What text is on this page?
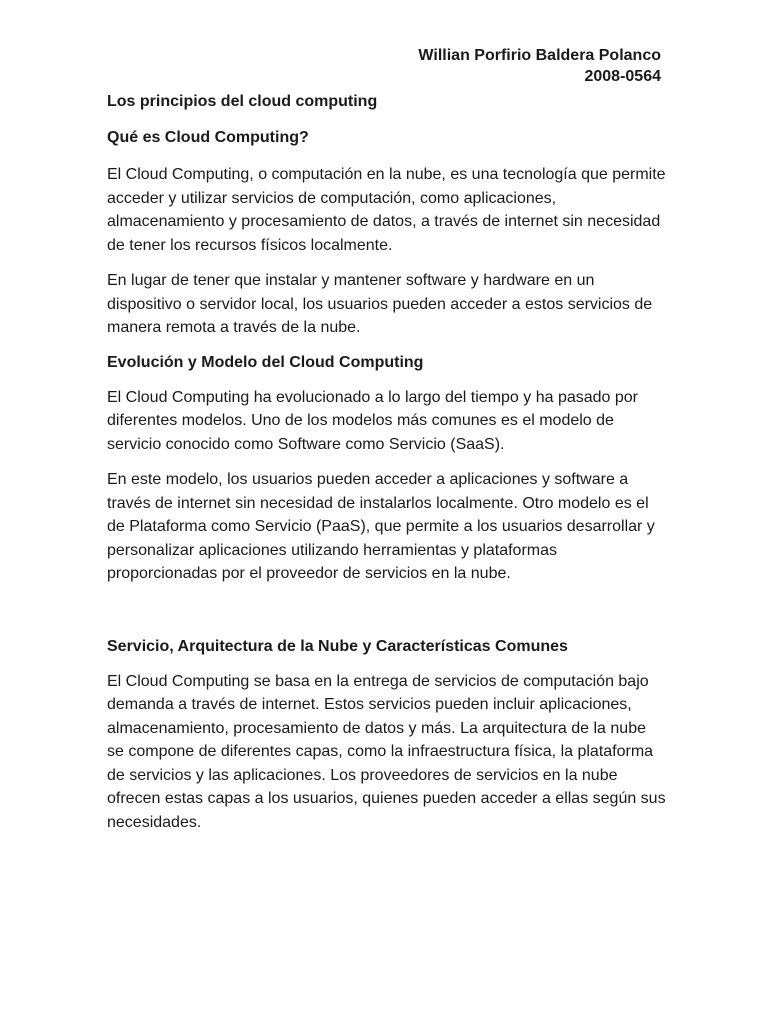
Willian Porfirio Baldera Polanco
2008-0564

Los principios del cloud computing

Qué es Cloud Computing?

El Cloud Computing, o computación en la nube, es una tecnología que permite acceder y utilizar servicios de computación, como aplicaciones, almacenamiento y procesamiento de datos, a través de internet sin necesidad de tener los recursos físicos localmente.

En lugar de tener que instalar y mantener software y hardware en un dispositivo o servidor local, los usuarios pueden acceder a estos servicios de manera remota a través de la nube.

Evolución y Modelo del Cloud Computing

El Cloud Computing ha evolucionado a lo largo del tiempo y ha pasado por diferentes modelos. Uno de los modelos más comunes es el modelo de servicio conocido como Software como Servicio (SaaS).

En este modelo, los usuarios pueden acceder a aplicaciones y software a través de internet sin necesidad de instalarlos localmente. Otro modelo es el de Plataforma como Servicio (PaaS), que permite a los usuarios desarrollar y personalizar aplicaciones utilizando herramientas y plataformas proporcionadas por el proveedor de servicios en la nube.

Servicio, Arquitectura de la Nube y Características Comunes

El Cloud Computing se basa en la entrega de servicios de computación bajo demanda a través de internet. Estos servicios pueden incluir aplicaciones, almacenamiento, procesamiento de datos y más. La arquitectura de la nube se compone de diferentes capas, como la infraestructura física, la plataforma de servicios y las aplicaciones. Los proveedores de servicios en la nube ofrecen estas capas a los usuarios, quienes pueden acceder a ellas según sus necesidades.
